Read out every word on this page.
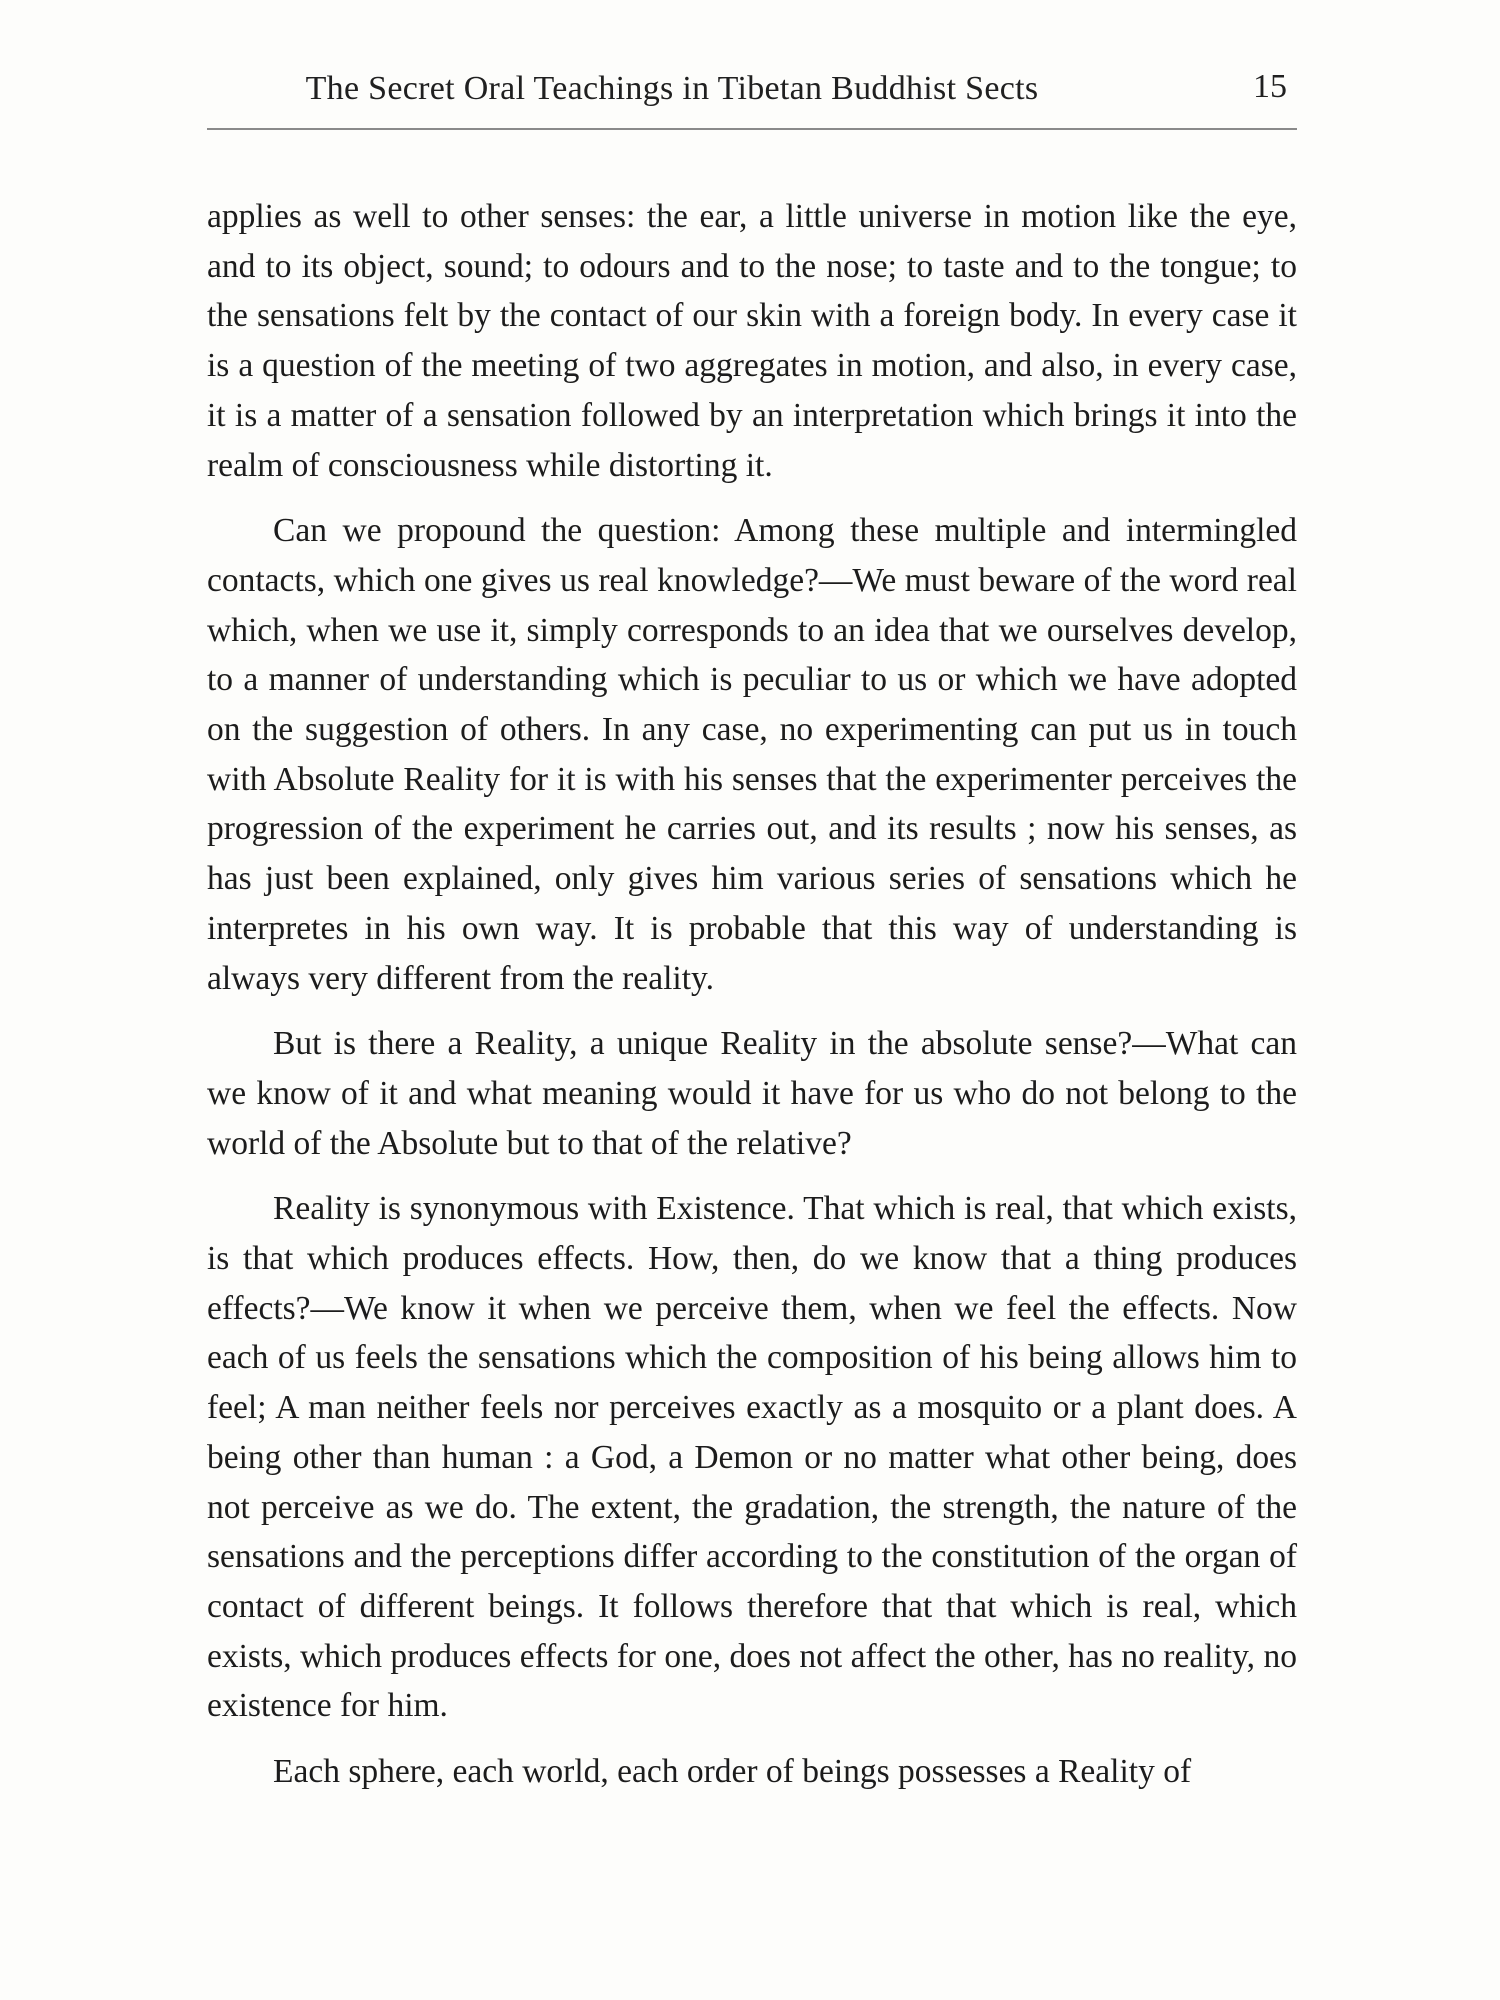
The Secret Oral Teachings in Tibetan Buddhist Sects	15

applies as well to other senses: the ear, a little universe in motion like the eye, and to its object, sound; to odours and to the nose; to taste and to the tongue; to the sensations felt by the contact of our skin with a foreign body. In every case it is a question of the meeting of two aggregates in motion, and also, in every case, it is a matter of a sensation followed by an interpretation which brings it into the realm of consciousness while distorting it.

Can we propound the question: Among these multiple and intermingled contacts, which one gives us real knowledge?—We must beware of the word real which, when we use it, simply corresponds to an idea that we ourselves develop, to a manner of understanding which is peculiar to us or which we have adopted on the suggestion of others. In any case, no experimenting can put us in touch with Absolute Reality for it is with his senses that the experimenter perceives the progression of the experiment he carries out, and its results ; now his senses, as has just been explained, only gives him various series of sensations which he interpretes in his own way. It is probable that this way of understanding is always very different from the reality.

But is there a Reality, a unique Reality in the absolute sense?—What can we know of it and what meaning would it have for us who do not belong to the world of the Absolute but to that of the relative?

Reality is synonymous with Existence. That which is real, that which exists, is that which produces effects. How, then, do we know that a thing produces effects?—We know it when we perceive them, when we feel the effects. Now each of us feels the sensations which the composition of his being allows him to feel; A man neither feels nor perceives exactly as a mosquito or a plant does. A being other than human : a God, a Demon or no matter what other being, does not perceive as we do. The extent, the gradation, the strength, the nature of the sensations and the perceptions differ according to the constitution of the organ of contact of different beings. It follows therefore that that which is real, which exists, which produces effects for one, does not affect the other, has no reality, no existence for him.

Each sphere, each world, each order of beings possesses a Reality of
